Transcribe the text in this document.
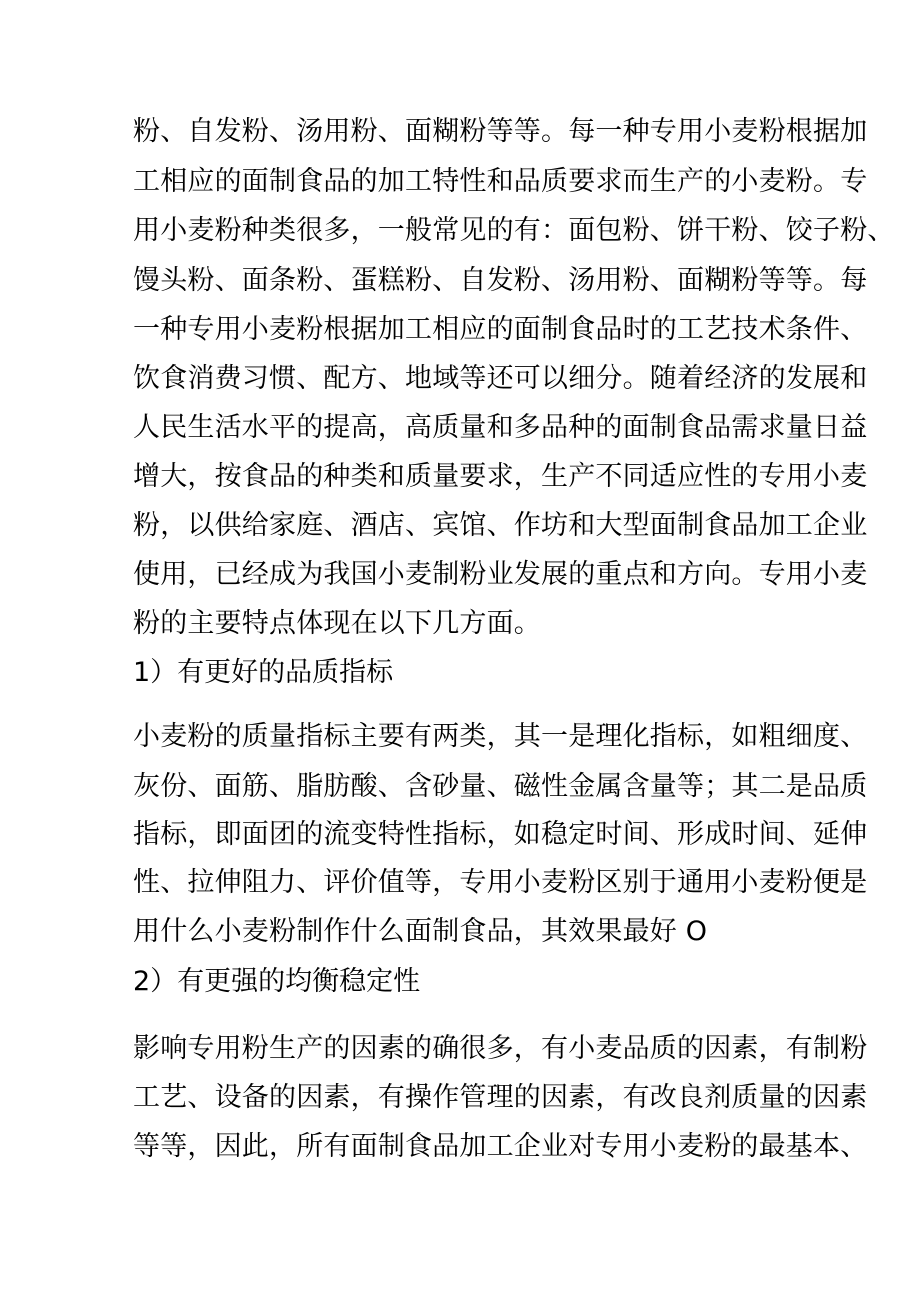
粉、自发粉、汤用粉、面糊粉等等。每一种专用小麦粉根据加
工相应的面制食品的加工特性和品质要求而生产的小麦粉。专
用小麦粉种类很多，一般常见的有：面包粉、饼干粉、饺子粉、
馒头粉、面条粉、蛋糕粉、自发粉、汤用粉、面糊粉等等。每
一种专用小麦粉根据加工相应的面制食品时的工艺技术条件、
饮食消费习惯、配方、地域等还可以细分。随着经济的发展和
人民生活水平的提高，高质量和多品种的面制食品需求量日益
增大，按食品的种类和质量要求，生产不同适应性的专用小麦
粉，以供给家庭、酒店、宾馆、作坊和大型面制食品加工企业
使用，已经成为我国小麦制粉业发展的重点和方向。专用小麦
粉的主要特点体现在以下几方面。
1）有更好的品质指标
小麦粉的质量指标主要有两类，其一是理化指标，如粗细度、
灰份、面筋、脂肪酸、含砂量、磁性金属含量等；其二是品质
指标，即面团的流变特性指标，如稳定时间、形成时间、延伸
性、拉伸阻力、评价值等，专用小麦粉区别于通用小麦粉便是
用什么小麦粉制作什么面制食品，其效果最好 O
2）有更强的均衡稳定性
影响专用粉生产的因素的确很多，有小麦品质的因素，有制粉
工艺、设备的因素，有操作管理的因素，有改良剂质量的因素
等等，因此，所有面制食品加工企业对专用小麦粉的最基本、
